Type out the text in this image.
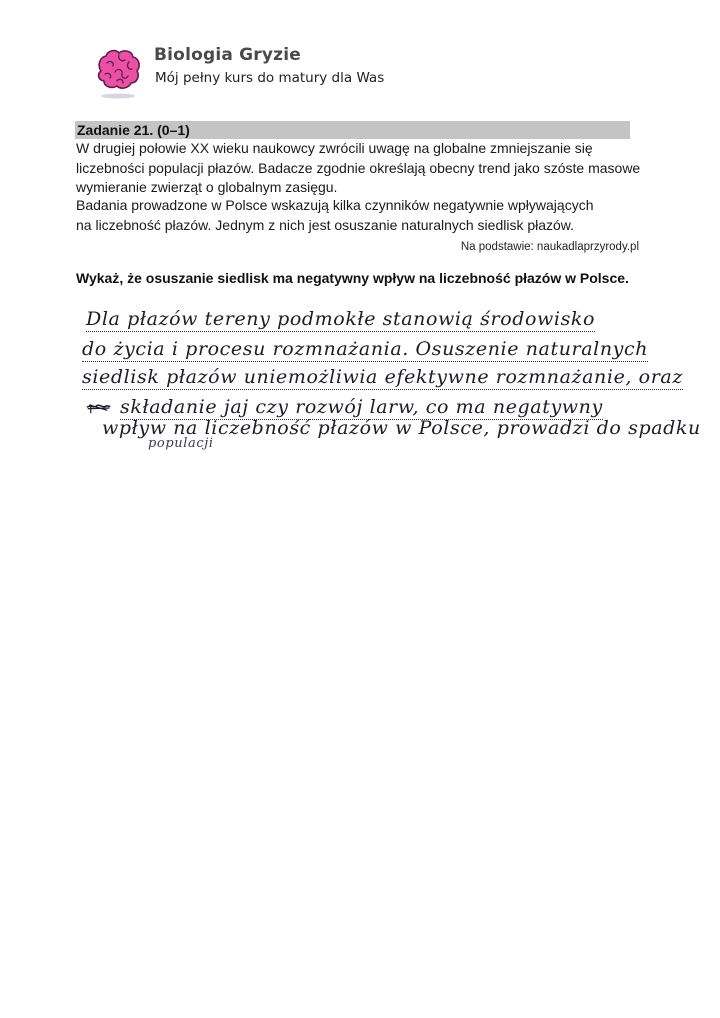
Biologia Gryzie
Mój pełny kurs do matury dla Was
Zadanie 21. (0–1)
W drugiej połowie XX wieku naukowcy zwrócili uwagę na globalne zmniejszanie się
liczebności populacji płazów. Badacze zgodnie określają obecny trend jako szóste masowe
wymieranie zwierząt o globalnym zasięgu.
Badania prowadzone w Polsce wskazują kilka czynników negatywnie wpływających
na liczebność płazów. Jednym z nich jest osuszanie naturalnych siedlisk płazów.
Na podstawie: naukadlaprzyrody.pl
Wykaż, że osuszanie siedlisk ma negatywny wpływ na liczebność płazów w Polsce.
Dla płazów tereny podmokłe stanowią środowisko
do życia i procesu rozmnażania. Osuszenie naturalnych
siedlisk płazów uniemożliwia efektywne rozmnażanie, oraz
składanie jaj czy rozwój larw, co ma negatywny
wpływ na liczebność płazów w Polsce, prowadzi do spadku
populacji
